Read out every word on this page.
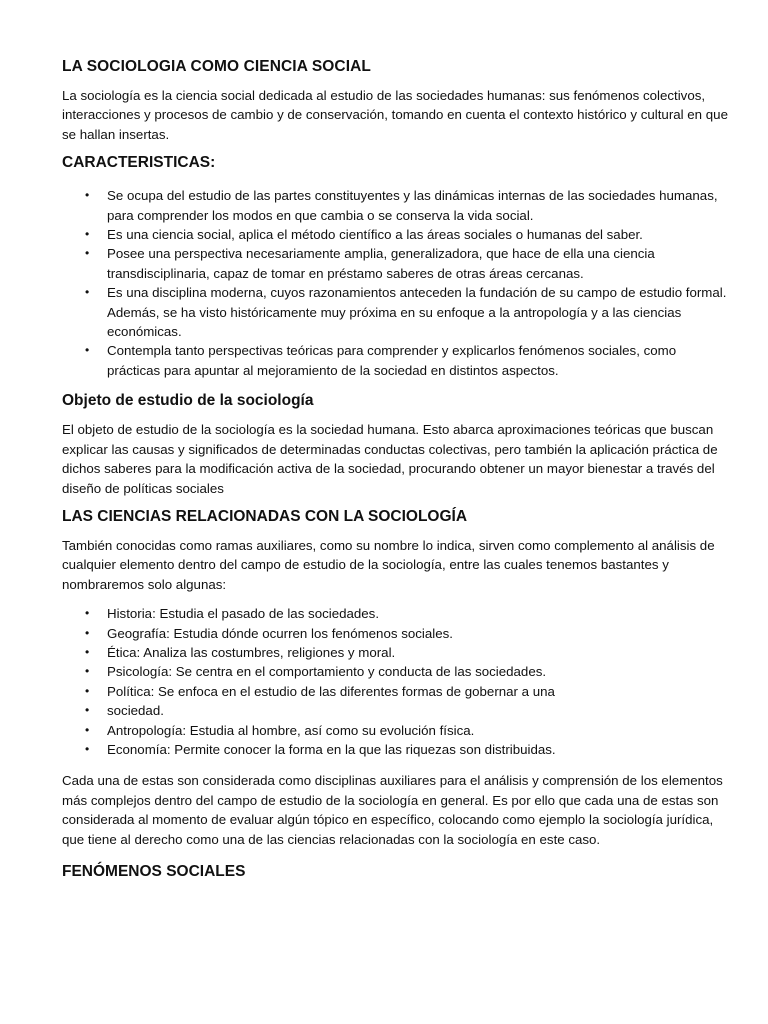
LA SOCIOLOGIA COMO CIENCIA SOCIAL

La sociología es la ciencia social dedicada al estudio de las sociedades humanas: sus fenómenos colectivos, interacciones y procesos de cambio y de conservación, tomando en cuenta el contexto histórico y cultural en que se hallan insertas.

CARACTERISTICAS:
• Se ocupa del estudio de las partes constituyentes y las dinámicas internas de las sociedades humanas, para comprender los modos en que cambia o se conserva la vida social.
• Es una ciencia social, aplica el método científico a las áreas sociales o humanas del saber.
• Posee una perspectiva necesariamente amplia, generalizadora, que hace de ella una ciencia transdisciplinaria, capaz de tomar en préstamo saberes de otras áreas cercanas.
• Es una disciplina moderna, cuyos razonamientos anteceden la fundación de su campo de estudio formal. Además, se ha visto históricamente muy próxima en su enfoque a la antropología y a las ciencias económicas.
• Contempla tanto perspectivas teóricas para comprender y explicarlos fenómenos sociales, como prácticas para apuntar al mejoramiento de la sociedad en distintos aspectos.
Objeto de estudio de la sociología

El objeto de estudio de la sociología es la sociedad humana. Esto abarca aproximaciones teóricas que buscan explicar las causas y significados de determinadas conductas colectivas, pero también la aplicación práctica de dichos saberes para la modificación activa de la sociedad, procurando obtener un mayor bienestar a través del diseño de políticas sociales

LAS CIENCIAS RELACIONADAS CON LA SOCIOLOGÍA

También conocidas como ramas auxiliares, como su nombre lo indica, sirven como complemento al análisis de cualquier elemento dentro del campo de estudio de la sociología, entre las cuales tenemos bastantes y nombraremos solo algunas:

• Historia: Estudia el pasado de las sociedades.
• Geografía: Estudia dónde ocurren los fenómenos sociales.
• Ética: Analiza las costumbres, religiones y moral.
• Psicología: Se centra en el comportamiento y conducta de las sociedades.
• Política: Se enfoca en el estudio de las diferentes formas de gobernar a una
• sociedad.
• Antropología: Estudia al hombre, así como su evolución física.
• Economía: Permite conocer la forma en la que las riquezas son distribuidas.

Cada una de estas son considerada como disciplinas auxiliares para el análisis y comprensión de los elementos más complejos dentro del campo de estudio de la sociología en general. Es por ello que cada una de estas son considerada al momento de evaluar algún tópico en específico, colocando como ejemplo la sociología jurídica, que tiene al derecho como una de las ciencias relacionadas con la sociología en este caso.

FENÓMENOS SOCIALES
